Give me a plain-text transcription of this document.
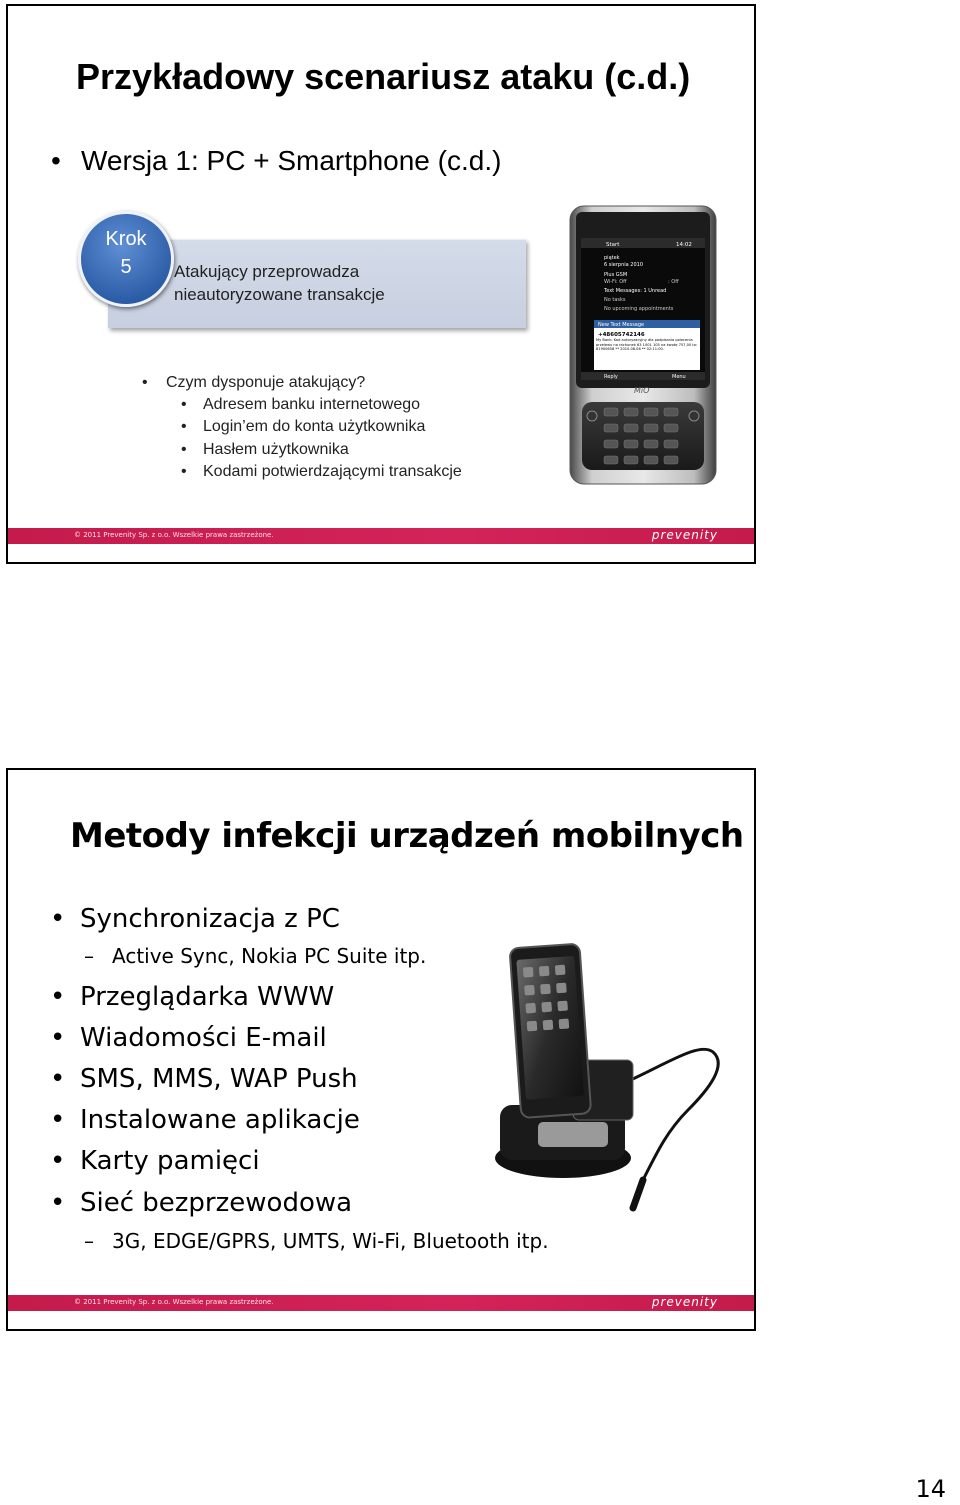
Przykładowy scenariusz ataku (c.d.)
• Wersja 1: PC + Smartphone (c.d.)
Krok
5	Atakujący przeprowadza
nieautoryzowane transakcje
• Czym dysponuje atakujący?
• Adresem banku internetowego
• Login’em do konta użytkownika
• Hasłem użytkownika
• Kodami potwierdzającymi transakcje
Start	14:02
piątek
6 sierpnia 2010
Plus GSM
Wi-Fi: Off	: Off
Text Messages: 1 Unread
No tasks
No upcoming appointments
New Text Message
+48605742146
My Bank: Kod autoryzacyjny dla podpisania polecenia przelewu na rachunek 63 1001 105 na kwotę 757,00 to: 81900658 ** 2010.08.06 ** 02:11:00.
Reply	Menu
MiO
© 2011 Prevenity Sp. z o.o. Wszelkie prawa zastrzeżone.	prevenity
Metody infekcji urządzeń mobilnych
• Synchronizacja z PC
– Active Sync, Nokia PC Suite itp.
• Przeglądarka WWW
• Wiadomości E-mail
• SMS, MMS, WAP Push
• Instalowane aplikacje
• Karty pamięci
• Sieć bezprzewodowa
– 3G, EDGE/GPRS, UMTS, Wi-Fi, Bluetooth itp.
© 2011 Prevenity Sp. z o.o. Wszelkie prawa zastrzeżone.	prevenity
14
